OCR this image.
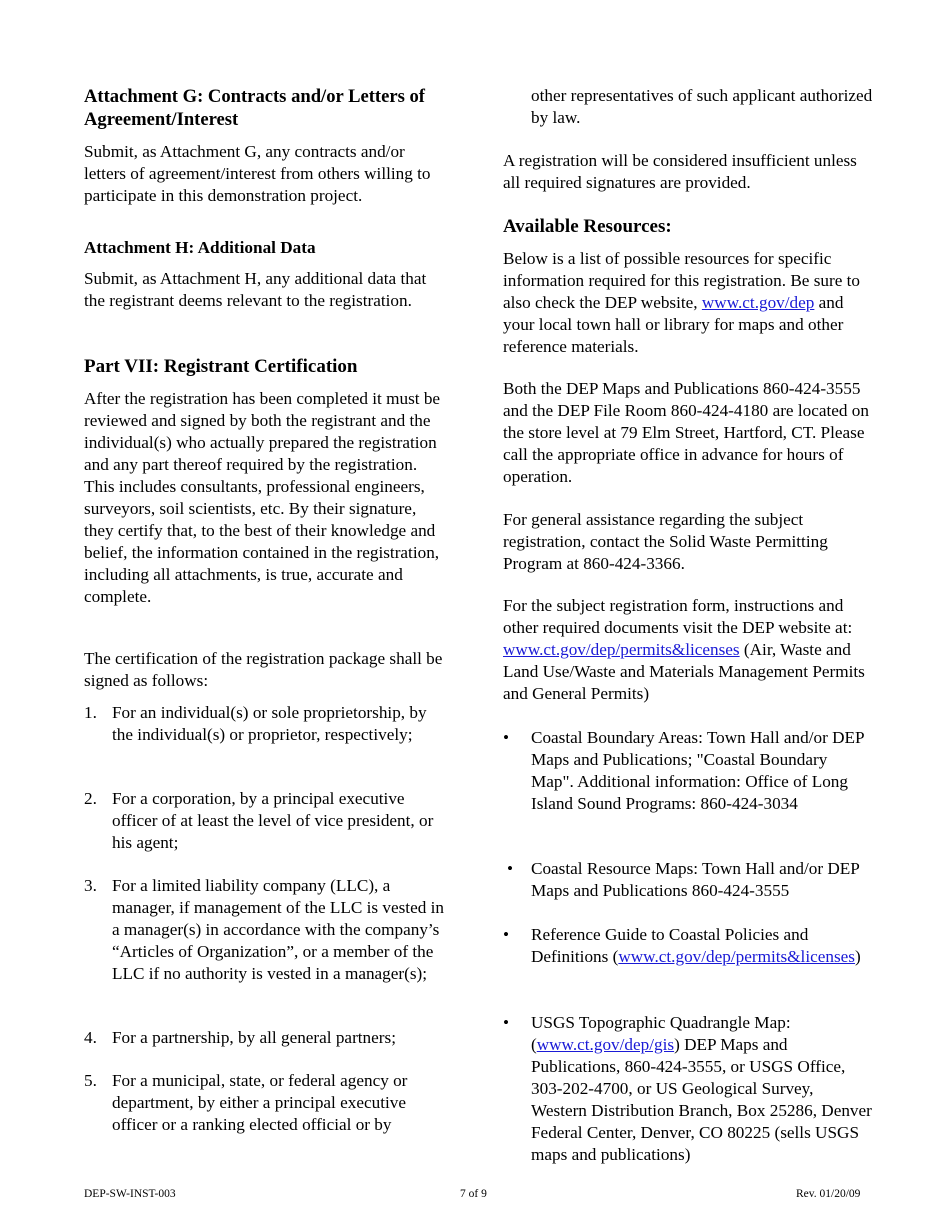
Attachment G: Contracts and/or Letters of Agreement/Interest

Submit, as Attachment G, any contracts and/or letters of agreement/interest from others willing to participate in this demonstration project.

Attachment H: Additional Data

Submit, as Attachment H, any additional data that the registrant deems relevant to the registration.

Part VII: Registrant Certification

After the registration has been completed it must be reviewed and signed by both the registrant and the individual(s) who actually prepared the registration and any part thereof required by the registration. This includes consultants, professional engineers, surveyors, soil scientists, etc. By their signature, they certify that, to the best of their knowledge and belief, the information contained in the registration, including all attachments, is true, accurate and complete.

The certification of the registration package shall be signed as follows:

1. For an individual(s) or sole proprietorship, by the individual(s) or proprietor, respectively;
2. For a corporation, by a principal executive officer of at least the level of vice president, or his agent;
3. For a limited liability company (LLC), a manager, if management of the LLC is vested in a manager(s) in accordance with the company’s “Articles of Organization”, or a member of the LLC if no authority is vested in a manager(s);
4. For a partnership, by all general partners;
5. For a municipal, state, or federal agency or department, by either a principal executive officer or a ranking elected official or by

other representatives of such applicant authorized by law.

A registration will be considered insufficient unless all required signatures are provided.

Available Resources:

Below is a list of possible resources for specific information required for this registration. Be sure to also check the DEP website, www.ct.gov/dep and your local town hall or library for maps and other reference materials.

Both the DEP Maps and Publications 860-424-3555 and the DEP File Room 860-424-4180 are located on the store level at 79 Elm Street, Hartford, CT. Please call the appropriate office in advance for hours of operation.

For general assistance regarding the subject registration, contact the Solid Waste Permitting Program at 860-424-3366.

For the subject registration form, instructions and other required documents visit the DEP website at: www.ct.gov/dep/permits&licenses (Air, Waste and Land Use/Waste and Materials Management Permits and General Permits)

• Coastal Boundary Areas: Town Hall and/or DEP Maps and Publications; "Coastal Boundary Map". Additional information: Office of Long Island Sound Programs: 860-424-3034
• Coastal Resource Maps: Town Hall and/or DEP Maps and Publications 860-424-3555
• Reference Guide to Coastal Policies and Definitions (www.ct.gov/dep/permits&licenses)
• USGS Topographic Quadrangle Map: (www.ct.gov/dep/gis) DEP Maps and Publications, 860-424-3555, or USGS Office, 303-202-4700, or US Geological Survey, Western Distribution Branch, Box 25286, Denver Federal Center, Denver, CO 80225 (sells USGS maps and publications)
DEP-SW-INST-003	7 of 9	Rev. 01/20/09
